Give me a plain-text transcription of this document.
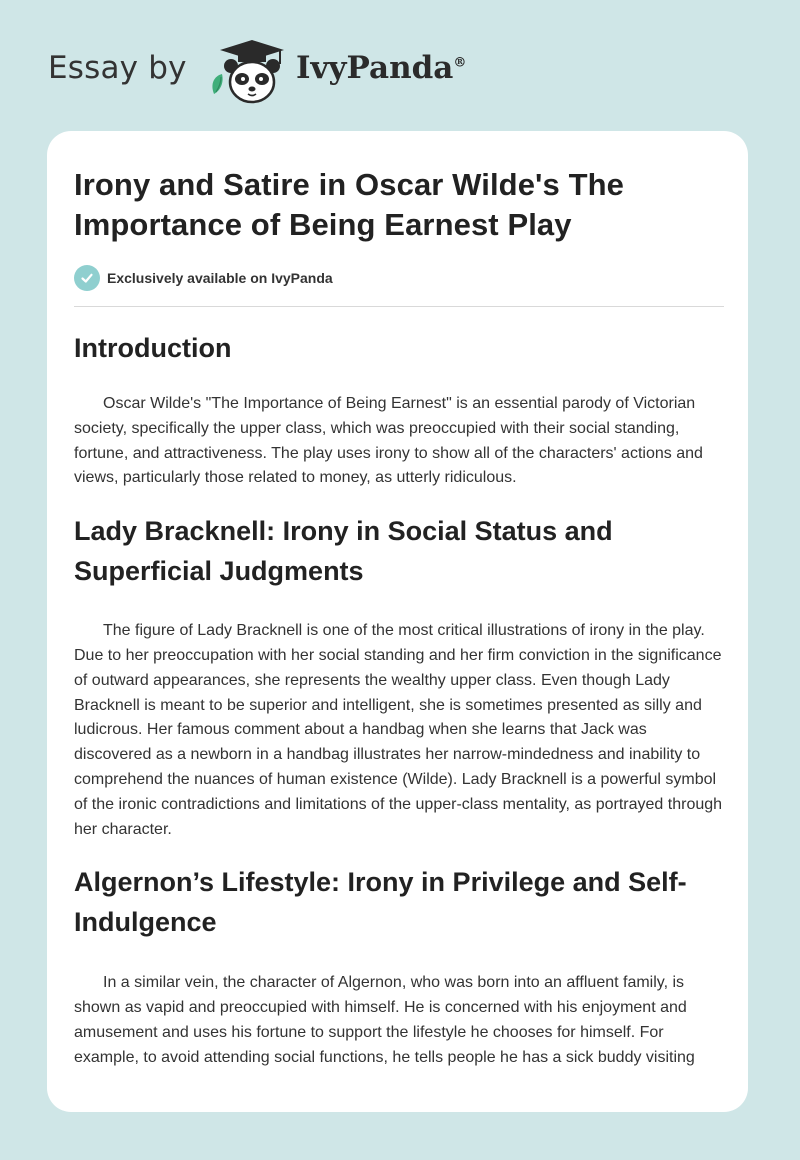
Essay by	IvyPanda®
Irony and Satire in Oscar Wilde's The Importance of Being Earnest Play
Exclusively available on IvyPanda
Introduction

Oscar Wilde's "The Importance of Being Earnest" is an essential parody of Victorian society, specifically the upper class, which was preoccupied with their social standing, fortune, and attractiveness. The play uses irony to show all of the characters' actions and views, particularly those related to money, as utterly ridiculous.

Lady Bracknell: Irony in Social Status and Superficial Judgments

The figure of Lady Bracknell is one of the most critical illustrations of irony in the play. Due to her preoccupation with her social standing and her firm conviction in the significance of outward appearances, she represents the wealthy upper class. Even though Lady Bracknell is meant to be superior and intelligent, she is sometimes presented as silly and ludicrous. Her famous comment about a handbag when she learns that Jack was discovered as a newborn in a handbag illustrates her narrow-mindedness and inability to comprehend the nuances of human existence (Wilde). Lady Bracknell is a powerful symbol of the ironic contradictions and limitations of the upper-class mentality, as portrayed through her character.

Algernon’s Lifestyle: Irony in Privilege and Self-Indulgence

In a similar vein, the character of Algernon, who was born into an affluent family, is shown as vapid and preoccupied with himself. He is concerned with his enjoyment and amusement and uses his fortune to support the lifestyle he chooses for himself. For example, to avoid attending social functions, he tells people he has a sick buddy visiting
